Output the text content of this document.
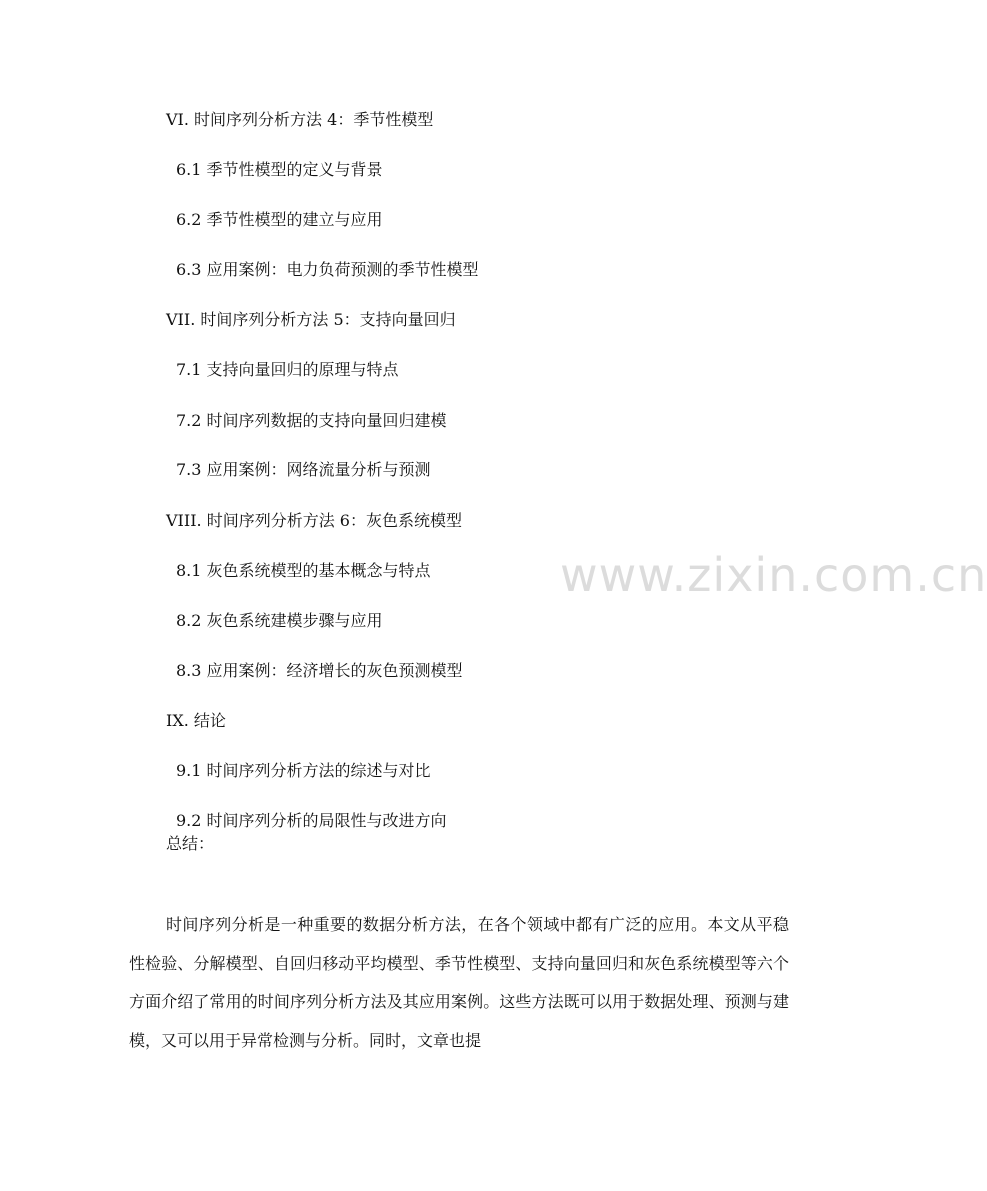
VI. 时间序列分析方法 4：季节性模型
6.1 季节性模型的定义与背景
6.2 季节性模型的建立与应用
6.3 应用案例：电力负荷预测的季节性模型
VII. 时间序列分析方法 5：支持向量回归
7.1 支持向量回归的原理与特点
7.2 时间序列数据的支持向量回归建模
7.3 应用案例：网络流量分析与预测
VIII. 时间序列分析方法 6：灰色系统模型
8.1 灰色系统模型的基本概念与特点
8.2 灰色系统建模步骤与应用
8.3 应用案例：经济增长的灰色预测模型
IX. 结论
9.1 时间序列分析方法的综述与对比
9.2 时间序列分析的局限性与改进方向
总结：
时间序列分析是一种重要的数据分析方法，在各个领域中都有广泛的应用。本文从平稳性检验、分解模型、自回归移动平均模型、季节性模型、支持向量回归和灰色系统模型等六个方面介绍了常用的时间序列分析方法及其应用案例。这些方法既可以用于数据处理、预测与建模，又可以用于异常检测与分析。同时，文章也提
www.zixin.com.cn
